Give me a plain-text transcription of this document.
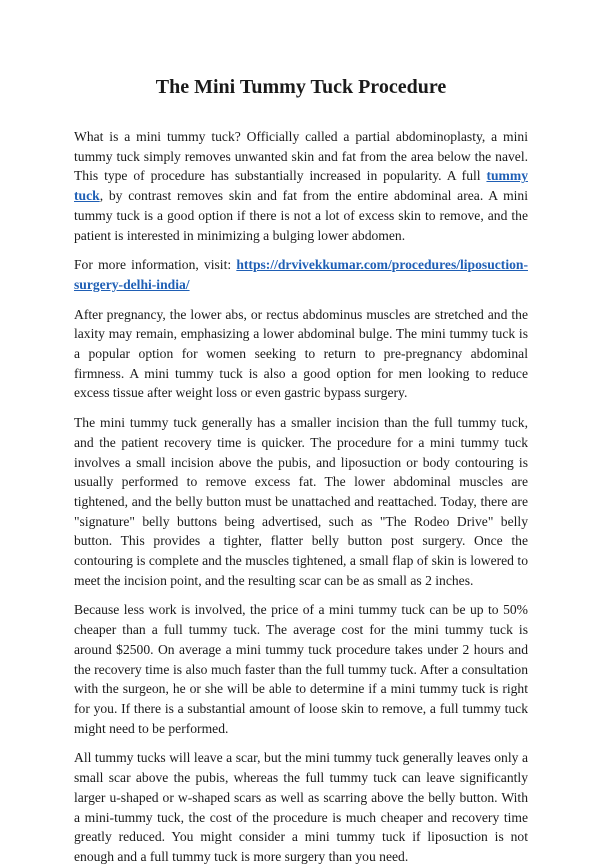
The Mini Tummy Tuck Procedure

What is a mini tummy tuck? Officially called a partial abdominoplasty, a mini tummy tuck simply removes unwanted skin and fat from the area below the navel. This type of procedure has substantially increased in popularity. A full tummy tuck, by contrast removes skin and fat from the entire abdominal area. A mini tummy tuck is a good option if there is not a lot of excess skin to remove, and the patient is interested in minimizing a bulging lower abdomen.

For more information, visit: https://drvivekkumar.com/procedures/liposuction-surgery-delhi-india/

After pregnancy, the lower abs, or rectus abdominus muscles are stretched and the laxity may remain, emphasizing a lower abdominal bulge. The mini tummy tuck is a popular option for women seeking to return to pre-pregnancy abdominal firmness. A mini tummy tuck is also a good option for men looking to reduce excess tissue after weight loss or even gastric bypass surgery.

The mini tummy tuck generally has a smaller incision than the full tummy tuck, and the patient recovery time is quicker. The procedure for a mini tummy tuck involves a small incision above the pubis, and liposuction or body contouring is usually performed to remove excess fat. The lower abdominal muscles are tightened, and the belly button must be unattached and reattached. Today, there are "signature" belly buttons being advertised, such as "The Rodeo Drive" belly button. This provides a tighter, flatter belly button post surgery. Once the contouring is complete and the muscles tightened, a small flap of skin is lowered to meet the incision point, and the resulting scar can be as small as 2 inches.

Because less work is involved, the price of a mini tummy tuck can be up to 50% cheaper than a full tummy tuck. The average cost for the mini tummy tuck is around $2500. On average a mini tummy tuck procedure takes under 2 hours and the recovery time is also much faster than the full tummy tuck. After a consultation with the surgeon, he or she will be able to determine if a mini tummy tuck is right for you. If there is a substantial amount of loose skin to remove, a full tummy tuck might need to be performed.

All tummy tucks will leave a scar, but the mini tummy tuck generally leaves only a small scar above the pubis, whereas the full tummy tuck can leave significantly larger u-shaped or w-shaped scars as well as scarring above the belly button. With a mini-tummy tuck, the cost of the procedure is much cheaper and recovery time greatly reduced. You might consider a mini tummy tuck if liposuction is not enough and a full tummy tuck is more surgery than you need.
